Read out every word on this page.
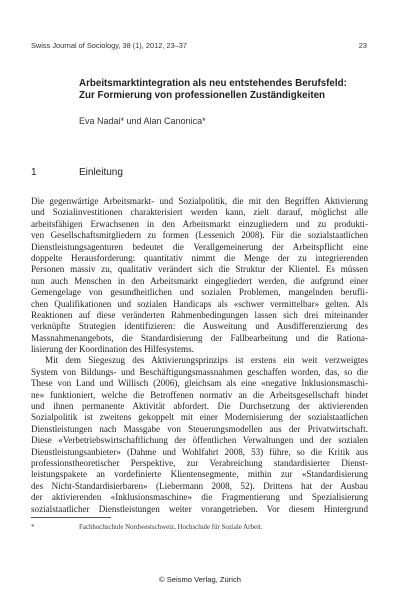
Swiss Journal of Sociology, 38 (1), 2012, 23–37	23
Arbeitsmarktintegration als neu entstehendes Berufsfeld:
Zur Formierung von professionellen Zuständigkeiten
Eva Nadai* und Alan Canonica*
1	Einleitung
Die gegenwärtige Arbeitsmarkt- und Sozialpolitik, die mit den Begriffen Aktivierung
und Sozialinvestitionen charakterisiert werden kann, zielt darauf, möglichst alle
arbeitsfähigen Erwachsenen in den Arbeitsmarkt einzugliedern und zu produkti-
ven Gesellschaftsmitgliedern zu formen (Lessenich 2008). Für die sozialstaatlichen
Dienstleistungsagenturen bedeutet die Verallgemeinerung der Arbeitspflicht eine
doppelte Herausforderung: quantitativ nimmt die Menge der zu integrierenden
Personen massiv zu, qualitativ verändert sich die Struktur der Klientel. Es müssen
nun auch Menschen in den Arbeitsmarkt eingegliedert werden, die aufgrund einer
Gemengelage von gesundheitlichen und sozialen Problemen, mangelnden berufli-
chen Qualifikationen und sozialen Handicaps als «schwer vermittelbar» gelten. Als
Reaktionen auf diese veränderten Rahmenbedingungen lassen sich drei miteinander
verknüpfte Strategien identifizieren: die Ausweitung und Ausdifferenzierung des
Massnahmenangebots, die Standardisierung der Fallbearbeitung und die Rationa-
lisierung der Koordination des Hilfesystems.
Mit dem Siegeszug des Aktivierungsprinzips ist erstens ein weit verzweigtes
System von Bildungs- und Beschäftigungsmassnahmen geschaffen worden, das, so die
These von Land und Willisch (2006), gleichsam als eine «negative Inklusionsmaschi-
ne» funktioniert, welche die Betroffenen normativ an die Arbeitsgesellschaft bindet
und ihnen permanente Aktivität abfordert. Die Durchsetzung der aktivierenden
Sozialpolitik ist zweitens gekoppelt mit einer Modernisierung der sozialstaatlichen
Dienstleistungen nach Massgabe von Steuerungsmodellen aus der Privatwirtschaft.
Diese «Verbetriebswirtschaftlichung der öffentlichen Verwaltungen und der sozialen
Dienstleistungsanbieter» (Dahme und Wohlfahrt 2008, 53) führe, so die Kritik aus
professionstheoretischer Perspektive, zur Verabreichung standardisierter Dienst-
leistungspakete an vordefinierte Klientensegmente, mithin zur «Standardisierung
des Nicht-Standardisierbaren» (Liebermann 2008, 52). Drittens hat der Ausbau
der aktivierenden «Inklusionsmaschine» die Fragmentierung und Spezialisierung
sozialstaatlicher Dienstleistungen weiter vorangetrieben. Vor diesem Hintergrund
*	Fachhochschule Nordwestschweiz, Hochschule für Soziale Arbeit.
© Seismo Verlag, Zürich
